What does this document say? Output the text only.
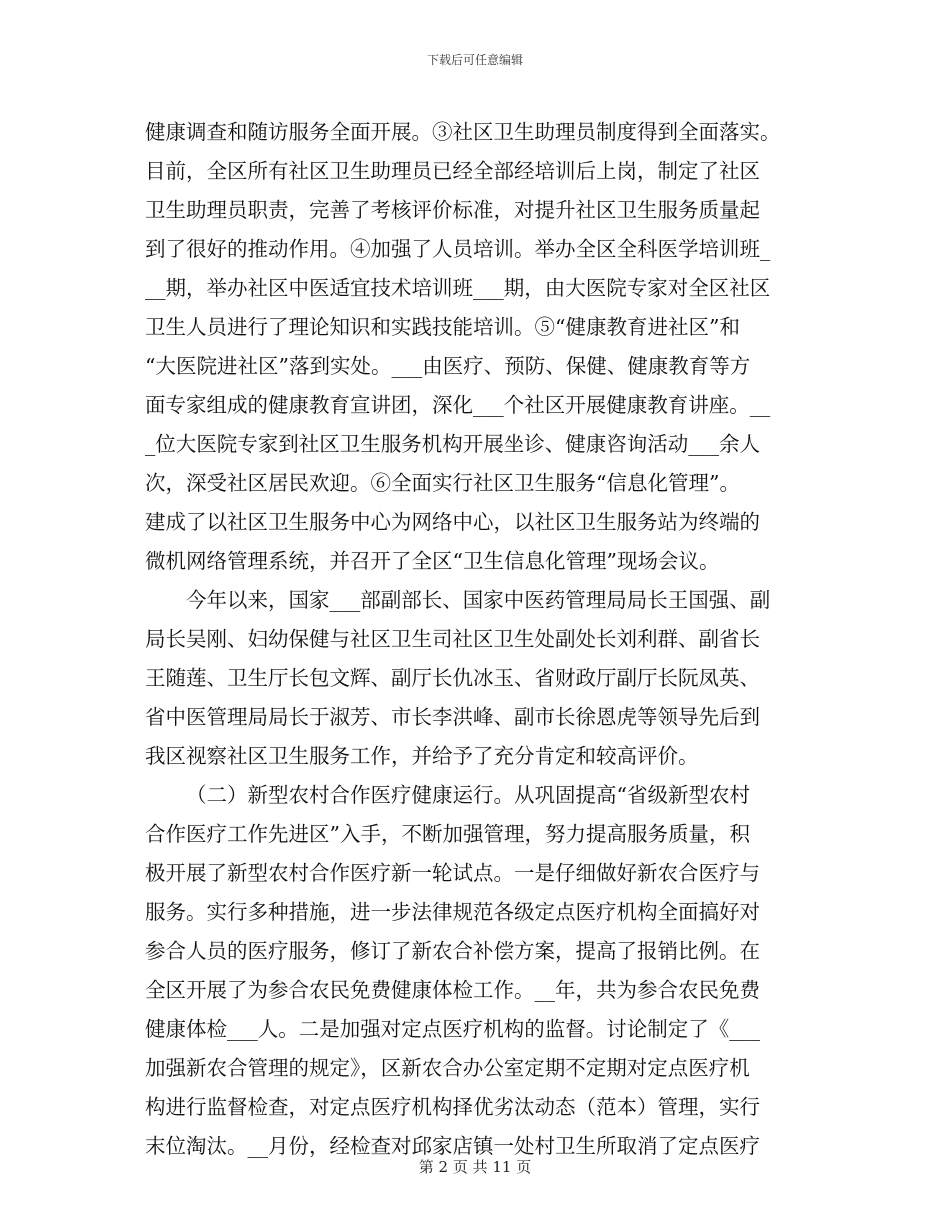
下载后可任意编辑
健康调查和随访服务全面开展。③社区卫生助理员制度得到全面落实。
目前，全区所有社区卫生助理员已经全部经培训后上岗，制定了社区
卫生助理员职责，完善了考核评价标准，对提升社区卫生服务质量起
到了很好的推动作用。④加强了人员培训。举办全区全科医学培训班_
__期，举办社区中医适宜技术培训班___期，由大医院专家对全区社区
卫生人员进行了理论知识和实践技能培训。⑤“健康教育进社区”和
“大医院进社区”落到实处。___由医疗、预防、保健、健康教育等方
面专家组成的健康教育宣讲团，深化___个社区开展健康教育讲座。__
_位大医院专家到社区卫生服务机构开展坐诊、健康咨询活动___余人
次，深受社区居民欢迎。⑥全面实行社区卫生服务“信息化管理”。
建成了以社区卫生服务中心为网络中心，以社区卫生服务站为终端的
微机网络管理系统，并召开了全区“卫生信息化管理”现场会议。
今年以来，国家___部副部长、国家中医药管理局局长王国强、副
局长吴刚、妇幼保健与社区卫生司社区卫生处副处长刘利群、副省长
王随莲、卫生厅长包文辉、副厅长仇冰玉、省财政厅副厅长阮凤英、
省中医管理局局长于淑芳、市长李洪峰、副市长徐恩虎等领导先后到
我区视察社区卫生服务工作，并给予了充分肯定和较高评价。
（二）新型农村合作医疗健康运行。从巩固提高“省级新型农村
合作医疗工作先进区”入手，不断加强管理，努力提高服务质量，积
极开展了新型农村合作医疗新一轮试点。一是仔细做好新农合医疗与
服务。实行多种措施，进一步法律规范各级定点医疗机构全面搞好对
参合人员的医疗服务，修订了新农合补偿方案，提高了报销比例。在
全区开展了为参合农民免费健康体检工作。__年，共为参合农民免费
健康体检___人。二是加强对定点医疗机构的监督。讨论制定了《___
加强新农合管理的规定》，区新农合办公室定期不定期对定点医疗机
构进行监督检查，对定点医疗机构择优劣汰动态（范本）管理，实行
末位淘汰。__月份，经检查对邱家店镇一处村卫生所取消了定点医疗
第 2 页 共 11 页
